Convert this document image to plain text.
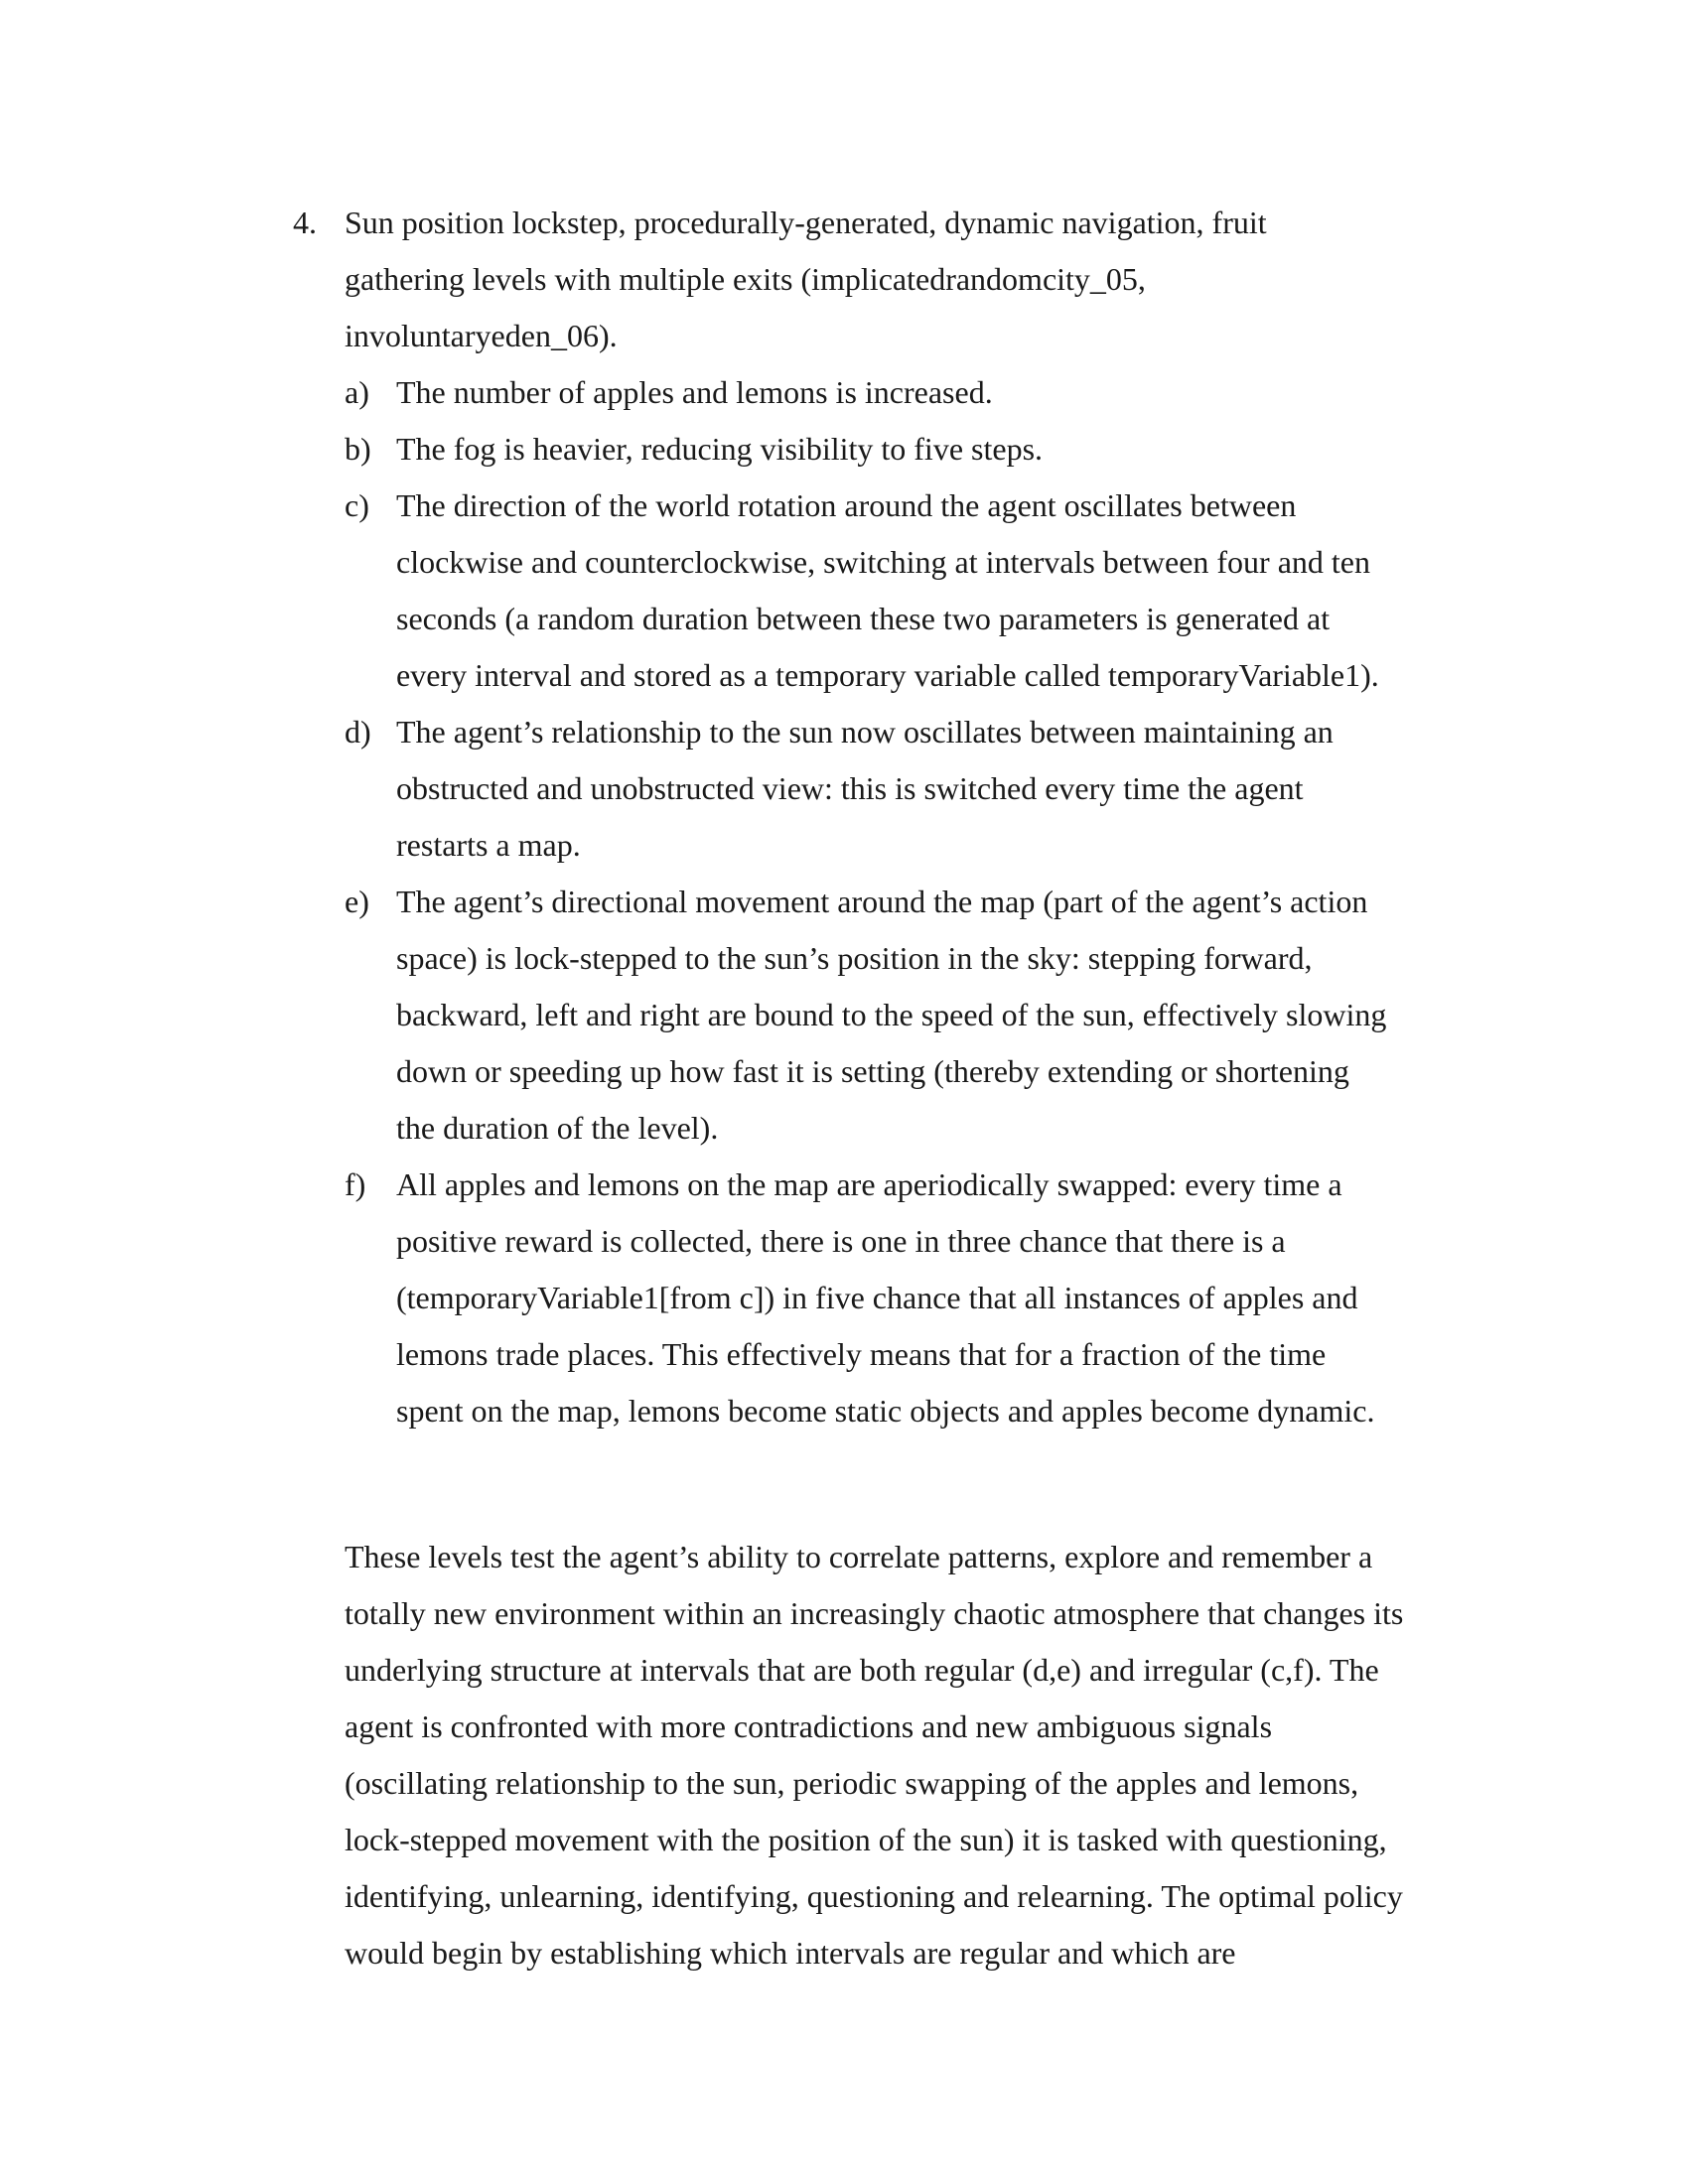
4. Sun position lockstep, procedurally-generated, dynamic navigation, fruit gathering levels with multiple exits (implicatedrandomcity_05, involuntaryeden_06).
a) The number of apples and lemons is increased.
b) The fog is heavier, reducing visibility to five steps.
c) The direction of the world rotation around the agent oscillates between clockwise and counterclockwise, switching at intervals between four and ten seconds (a random duration between these two parameters is generated at every interval and stored as a temporary variable called temporaryVariable1).
d) The agent’s relationship to the sun now oscillates between maintaining an obstructed and unobstructed view: this is switched every time the agent restarts a map.
e) The agent’s directional movement around the map (part of the agent’s action space) is lock-stepped to the sun’s position in the sky: stepping forward, backward, left and right are bound to the speed of the sun, effectively slowing down or speeding up how fast it is setting (thereby extending or shortening the duration of the level).
f) All apples and lemons on the map are aperiodically swapped: every time a positive reward is collected, there is one in three chance that there is a (temporaryVariable1[from c]) in five chance that all instances of apples and lemons trade places. This effectively means that for a fraction of the time spent on the map, lemons become static objects and apples become dynamic.

These levels test the agent’s ability to correlate patterns, explore and remember a totally new environment within an increasingly chaotic atmosphere that changes its underlying structure at intervals that are both regular (d,e) and irregular (c,f). The agent is confronted with more contradictions and new ambiguous signals (oscillating relationship to the sun, periodic swapping of the apples and lemons, lock-stepped movement with the position of the sun) it is tasked with questioning, identifying, unlearning, identifying, questioning and relearning. The optimal policy would begin by establishing which intervals are regular and which are
